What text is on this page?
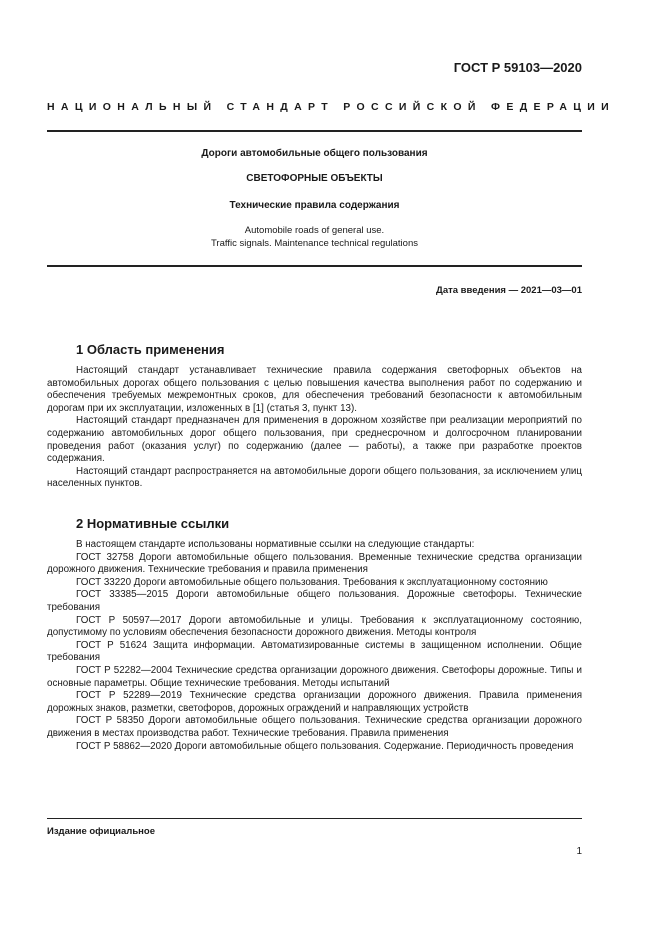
ГОСТ Р 59103—2020
НАЦИОНАЛЬНЫЙ СТАНДАРТ РОССИЙСКОЙ ФЕДЕРАЦИИ
Дороги автомобильные общего пользования
СВЕТОФОРНЫЕ ОБЪЕКТЫ
Технические правила содержания
Automobile roads of general use.
Traffic signals. Maintenance technical regulations
Дата введения — 2021—03—01
1 Область применения

Настоящий стандарт устанавливает технические правила содержания светофорных объектов на автомобильных дорогах общего пользования с целью повышения качества выполнения работ по содержанию и обеспечения требуемых межремонтных сроков, для обеспечения требований безопасности к автомобильным дорогам при их эксплуатации, изложенных в [1] (статья 3, пункт 13).

Настоящий стандарт предназначен для применения в дорожном хозяйстве при реализации мероприятий по содержанию автомобильных дорог общего пользования, при среднесрочном и долгосрочном планировании проведения работ (оказания услуг) по содержанию (далее — работы), а также при разработке проектов содержания.

Настоящий стандарт распространяется на автомобильные дороги общего пользования, за исключением улиц населенных пунктов.

2 Нормативные ссылки

В настоящем стандарте использованы нормативные ссылки на следующие стандарты:

ГОСТ 32758 Дороги автомобильные общего пользования. Временные технические средства организации дорожного движения. Технические требования и правила применения

ГОСТ 33220 Дороги автомобильные общего пользования. Требования к эксплуатационному состоянию

ГОСТ 33385—2015 Дороги автомобильные общего пользования. Дорожные светофоры. Технические требования

ГОСТ Р 50597—2017 Дороги автомобильные и улицы. Требования к эксплуатационному состоянию, допустимому по условиям обеспечения безопасности дорожного движения. Методы контроля

ГОСТ Р 51624 Защита информации. Автоматизированные системы в защищенном исполнении. Общие требования

ГОСТ Р 52282—2004 Технические средства организации дорожного движения. Светофоры дорожные. Типы и основные параметры. Общие технические требования. Методы испытаний

ГОСТ Р 52289—2019 Технические средства организации дорожного движения. Правила применения дорожных знаков, разметки, светофоров, дорожных ограждений и направляющих устройств

ГОСТ Р 58350 Дороги автомобильные общего пользования. Технические средства организации дорожного движения в местах производства работ. Технические требования. Правила применения

ГОСТ Р 58862—2020 Дороги автомобильные общего пользования. Содержание. Периодичность проведения

Издание официальное
1
